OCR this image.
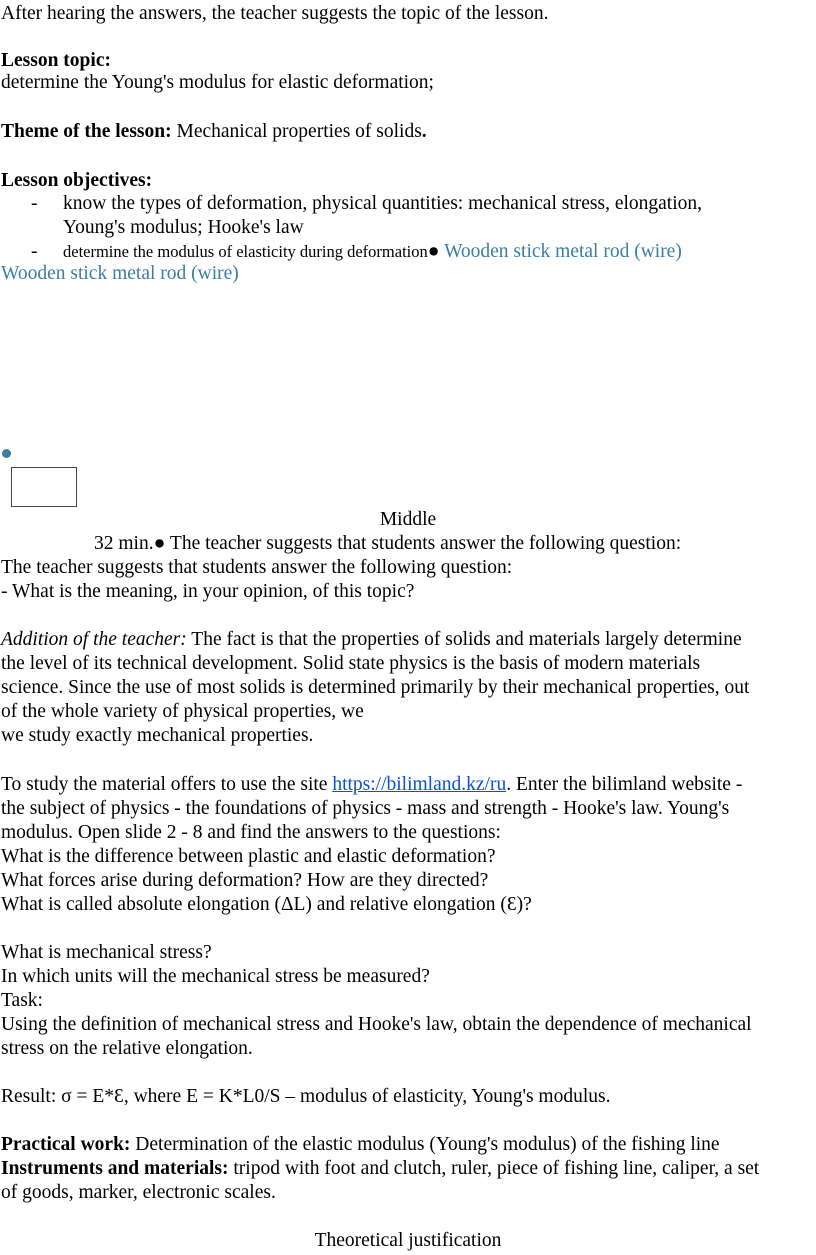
After hearing the answers, the teacher suggests the topic of the lesson.
Lesson topic:
determine the Young's modulus for elastic deformation;
Theme of the lesson: Mechanical properties of solids.
Lesson objectives:
- know the types of deformation, physical quantities: mechanical stress, elongation,
Young's modulus; Hooke's law
- determine the modulus of elasticity during deformation● Wooden stick metal rod (wire)
Wooden stick metal rod (wire)
Middle
32 min.● The teacher suggests that students answer the following question:
The teacher suggests that students answer the following question:
- What is the meaning, in your opinion, of this topic?
Addition of the teacher: The fact is that the properties of solids and materials largely determine
the level of its technical development. Solid state physics is the basis of modern materials
science. Since the use of most solids is determined primarily by their mechanical properties, out
of the whole variety of physical properties, we
we study exactly mechanical properties.
To study the material offers to use the site https://bilimland.kz/ru. Enter the bilimland website -
the subject of physics - the foundations of physics - mass and strength - Hooke's law. Young's
modulus. Open slide 2 - 8 and find the answers to the questions:
What is the difference between plastic and elastic deformation?
What forces arise during deformation? How are they directed?
What is called absolute elongation (ΔL) and relative elongation (Ɛ)?
What is mechanical stress?
In which units will the mechanical stress be measured?
Task:
Using the definition of mechanical stress and Hooke's law, obtain the dependence of mechanical
stress on the relative elongation.
Result: σ = E*Ɛ, where E = K*L0/S – modulus of elasticity, Young's modulus.
Practical work: Determination of the elastic modulus (Young's modulus) of the fishing line
Instruments and materials: tripod with foot and clutch, ruler, piece of fishing line, caliper, a set
of goods, marker, electronic scales.
Theoretical justification
